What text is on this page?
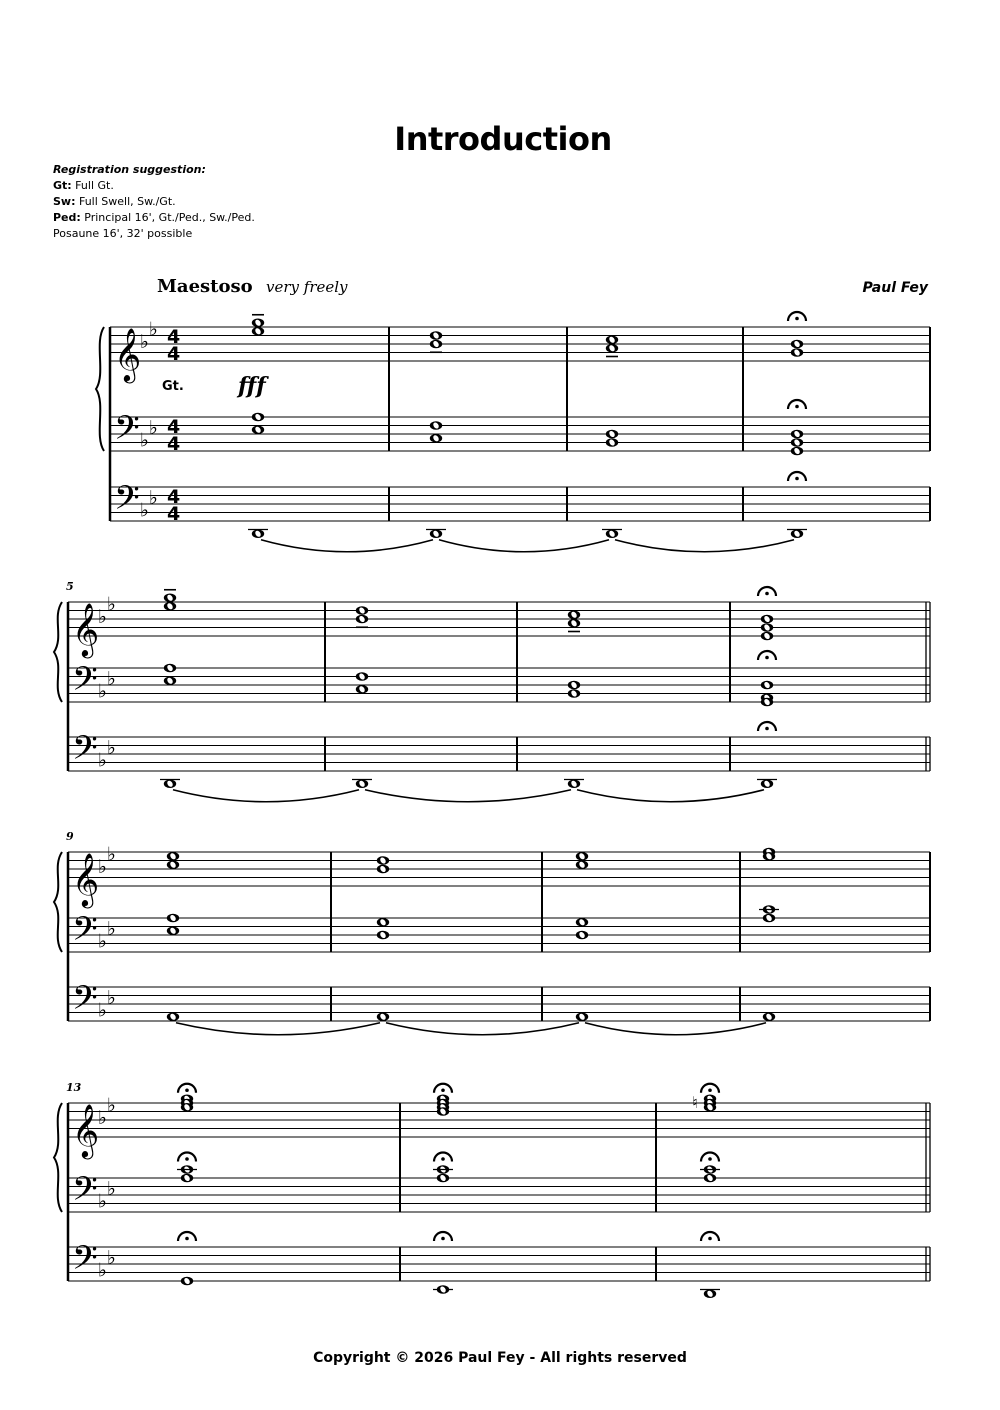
Introduction
Registration suggestion:
Gt: Full Gt.
Sw: Full Swell, Sw./Gt.
Ped: Principal 16', Gt./Ped., Sw./Ped.
Posaune 16', 32' possible
Maestoso very freely	Paul Fey
𝄞
𝄢
𝄢
♭
♭
♭
♭
♭
♭
4
4
4
4
4
4
Gt. fff
5
𝄞
𝄢
𝄢
♭
♭
♭
♭
♭
♭
9
𝄞
𝄢
𝄢
♭
♭
♭
♭
♭
♭
13
𝄞
𝄢
𝄢
♭
♭
♭
♭
♭
♭
♮
Copyright © 2026 Paul Fey - All rights reserved
